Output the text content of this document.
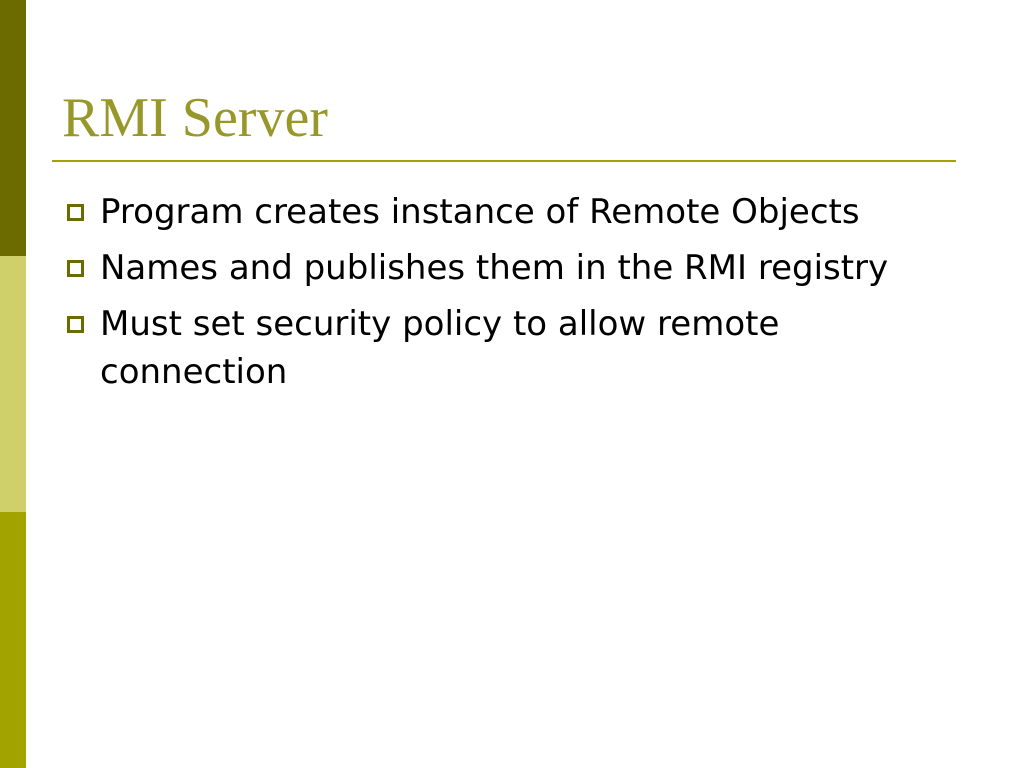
RMI Server
Program creates instance of Remote Objects
Names and publishes them in the RMI registry
Must set security policy to allow remote connection
